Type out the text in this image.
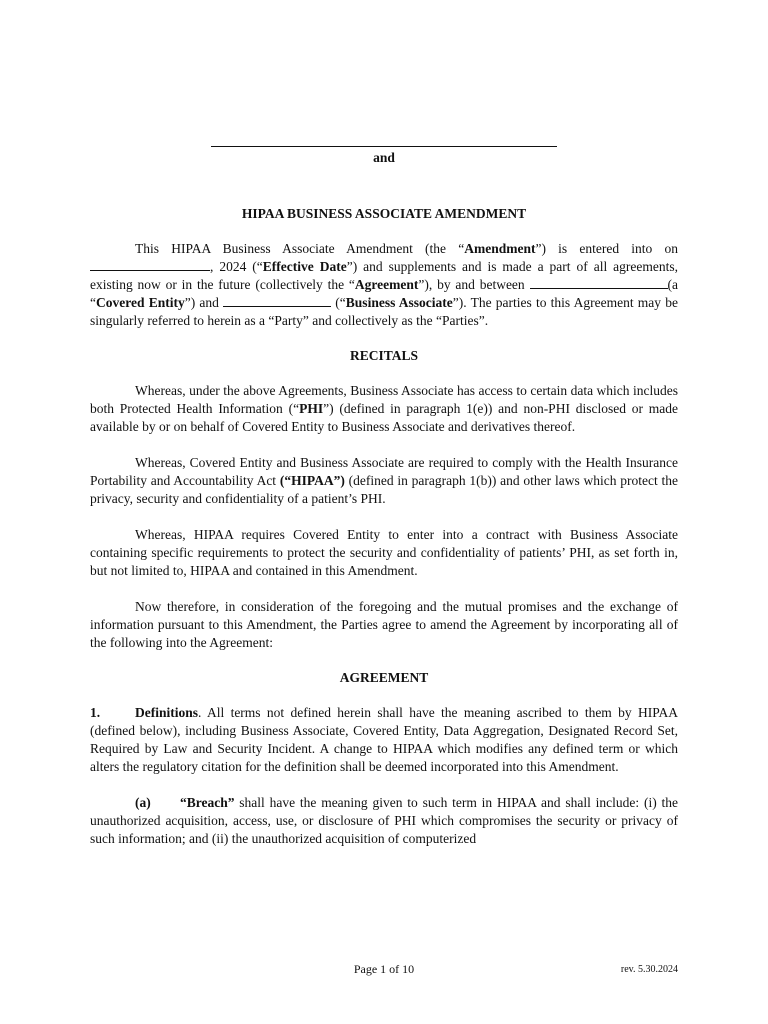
and
HIPAA BUSINESS ASSOCIATE AMENDMENT

This HIPAA Business Associate Amendment (the “Amendment”) is entered into on , 2024 (“Effective Date”) and supplements and is made a part of all agreements, existing now or in the future (collectively the “Agreement”), by and between	(a “Covered Entity”) and	(“Business Associate”). The parties to this Agreement may be singularly referred to herein as a “Party” and collectively as the “Parties”.

RECITALS

Whereas, under the above Agreements, Business Associate has access to certain data which includes both Protected Health Information (“PHI”) (defined in paragraph 1(e)) and non-PHI disclosed or made available by or on behalf of Covered Entity to Business Associate and derivatives thereof.

Whereas, Covered Entity and Business Associate are required to comply with the Health Insurance Portability and Accountability Act (“HIPAA”) (defined in paragraph 1(b)) and other laws which protect the privacy, security and confidentiality of a patient’s PHI.

Whereas, HIPAA requires Covered Entity to enter into a contract with Business Associate containing specific requirements to protect the security and confidentiality of patients’ PHI, as set forth in, but not limited to, HIPAA and contained in this Amendment.

Now therefore, in consideration of the foregoing and the mutual promises and the exchange of information pursuant to this Amendment, the Parties agree to amend the Agreement by incorporating all of the following into the Agreement:

AGREEMENT

1.	Definitions. All terms not defined herein shall have the meaning ascribed to them by HIPAA (defined below), including Business Associate, Covered Entity, Data Aggregation, Designated Record Set, Required by Law and Security Incident. A change to HIPAA which modifies any defined term or which alters the regulatory citation for the definition shall be deemed incorporated into this Amendment.

(a) “Breach” shall have the meaning given to such term in HIPAA and shall include: (i) the unauthorized acquisition, access, use, or disclosure of PHI which compromises the security or privacy of such information; and (ii) the unauthorized acquisition of computerized

Page 1 of 10	rev. 5.30.2024
